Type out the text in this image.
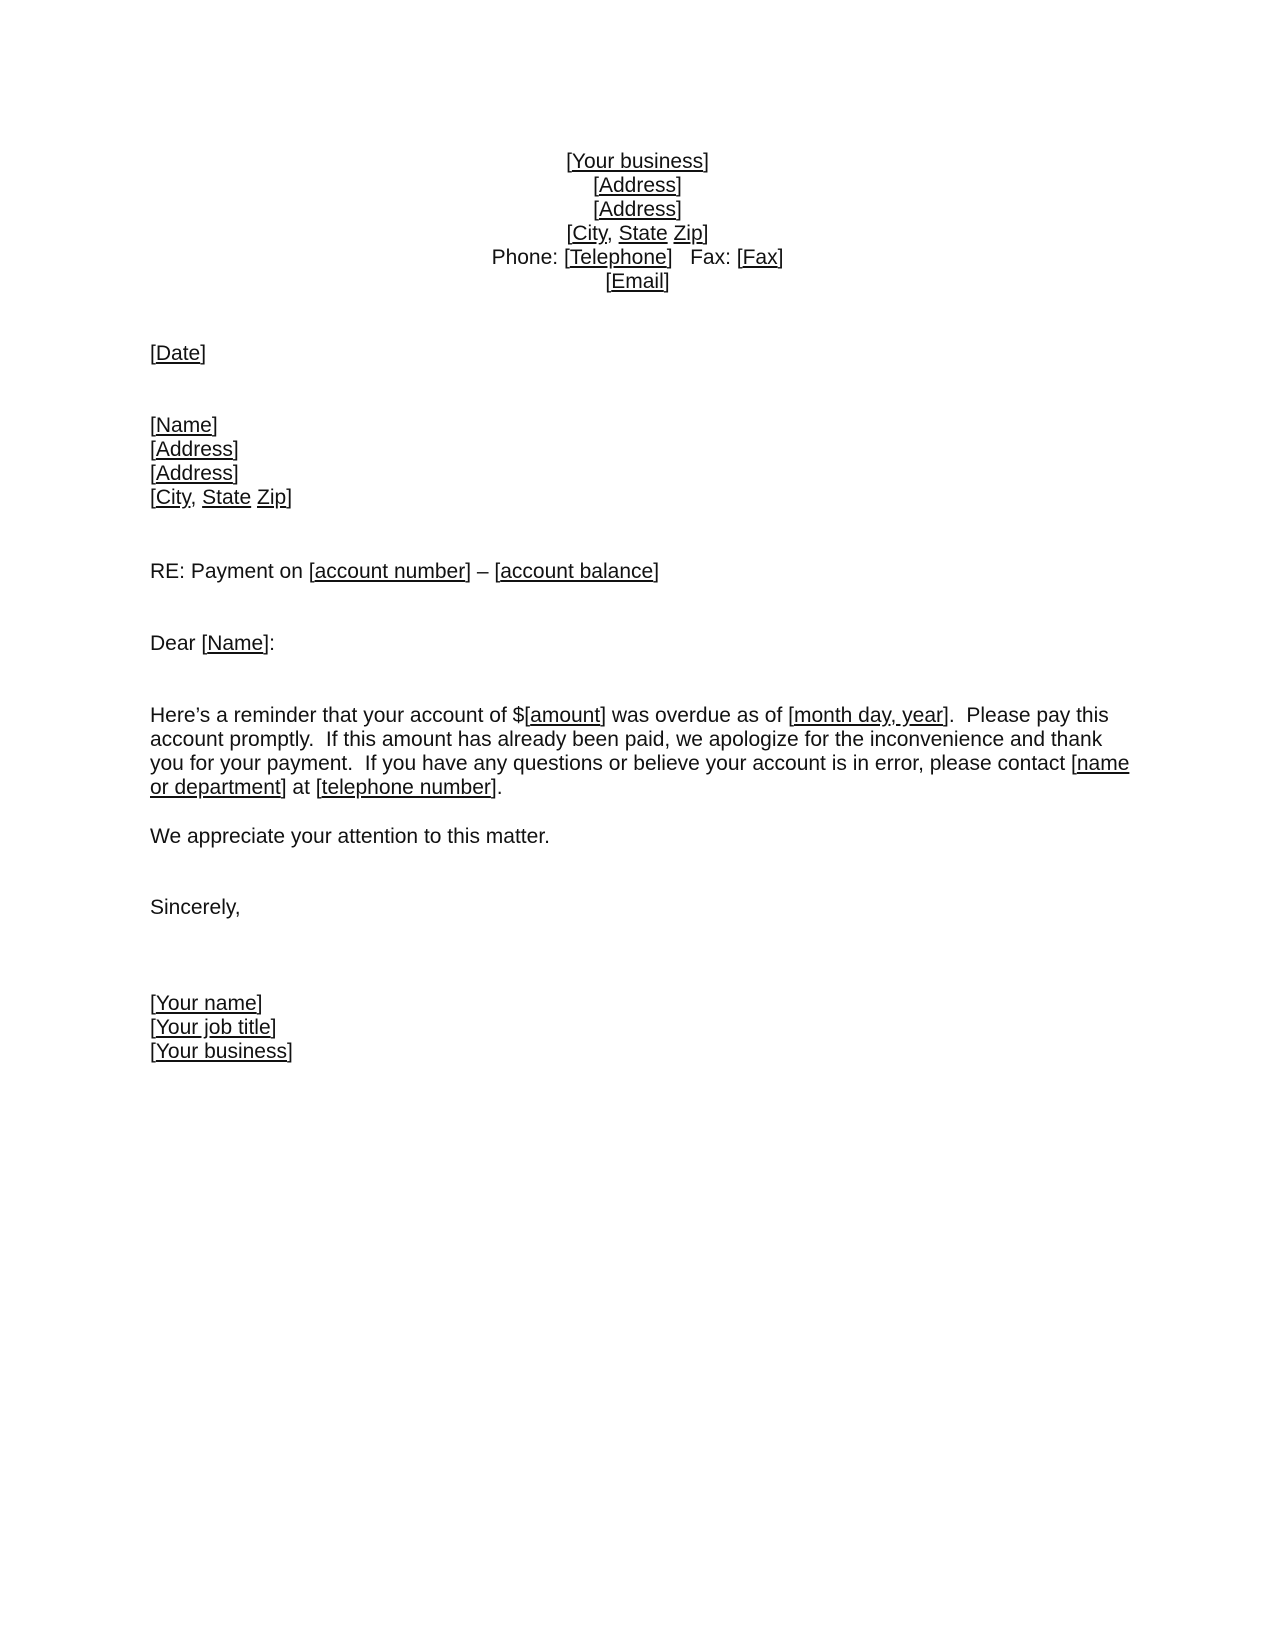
[Your business]
[Address]
[Address]
[City, State Zip]
Phone: [Telephone]   Fax: [Fax]
[Email]
[Date]
[Name]
[Address]
[Address]
[City, State Zip]
RE: Payment on [account number] – [account balance]
Dear [Name]:
Here’s a reminder that your account of $[amount] was overdue as of [month day, year].  Please pay this
account promptly.  If this amount has already been paid, we apologize for the inconvenience and thank
you for your payment.  If you have any questions or believe your account is in error, please contact [name
or department] at [telephone number].
We appreciate your attention to this matter.
Sincerely,
[Your name]
[Your job title]
[Your business]
